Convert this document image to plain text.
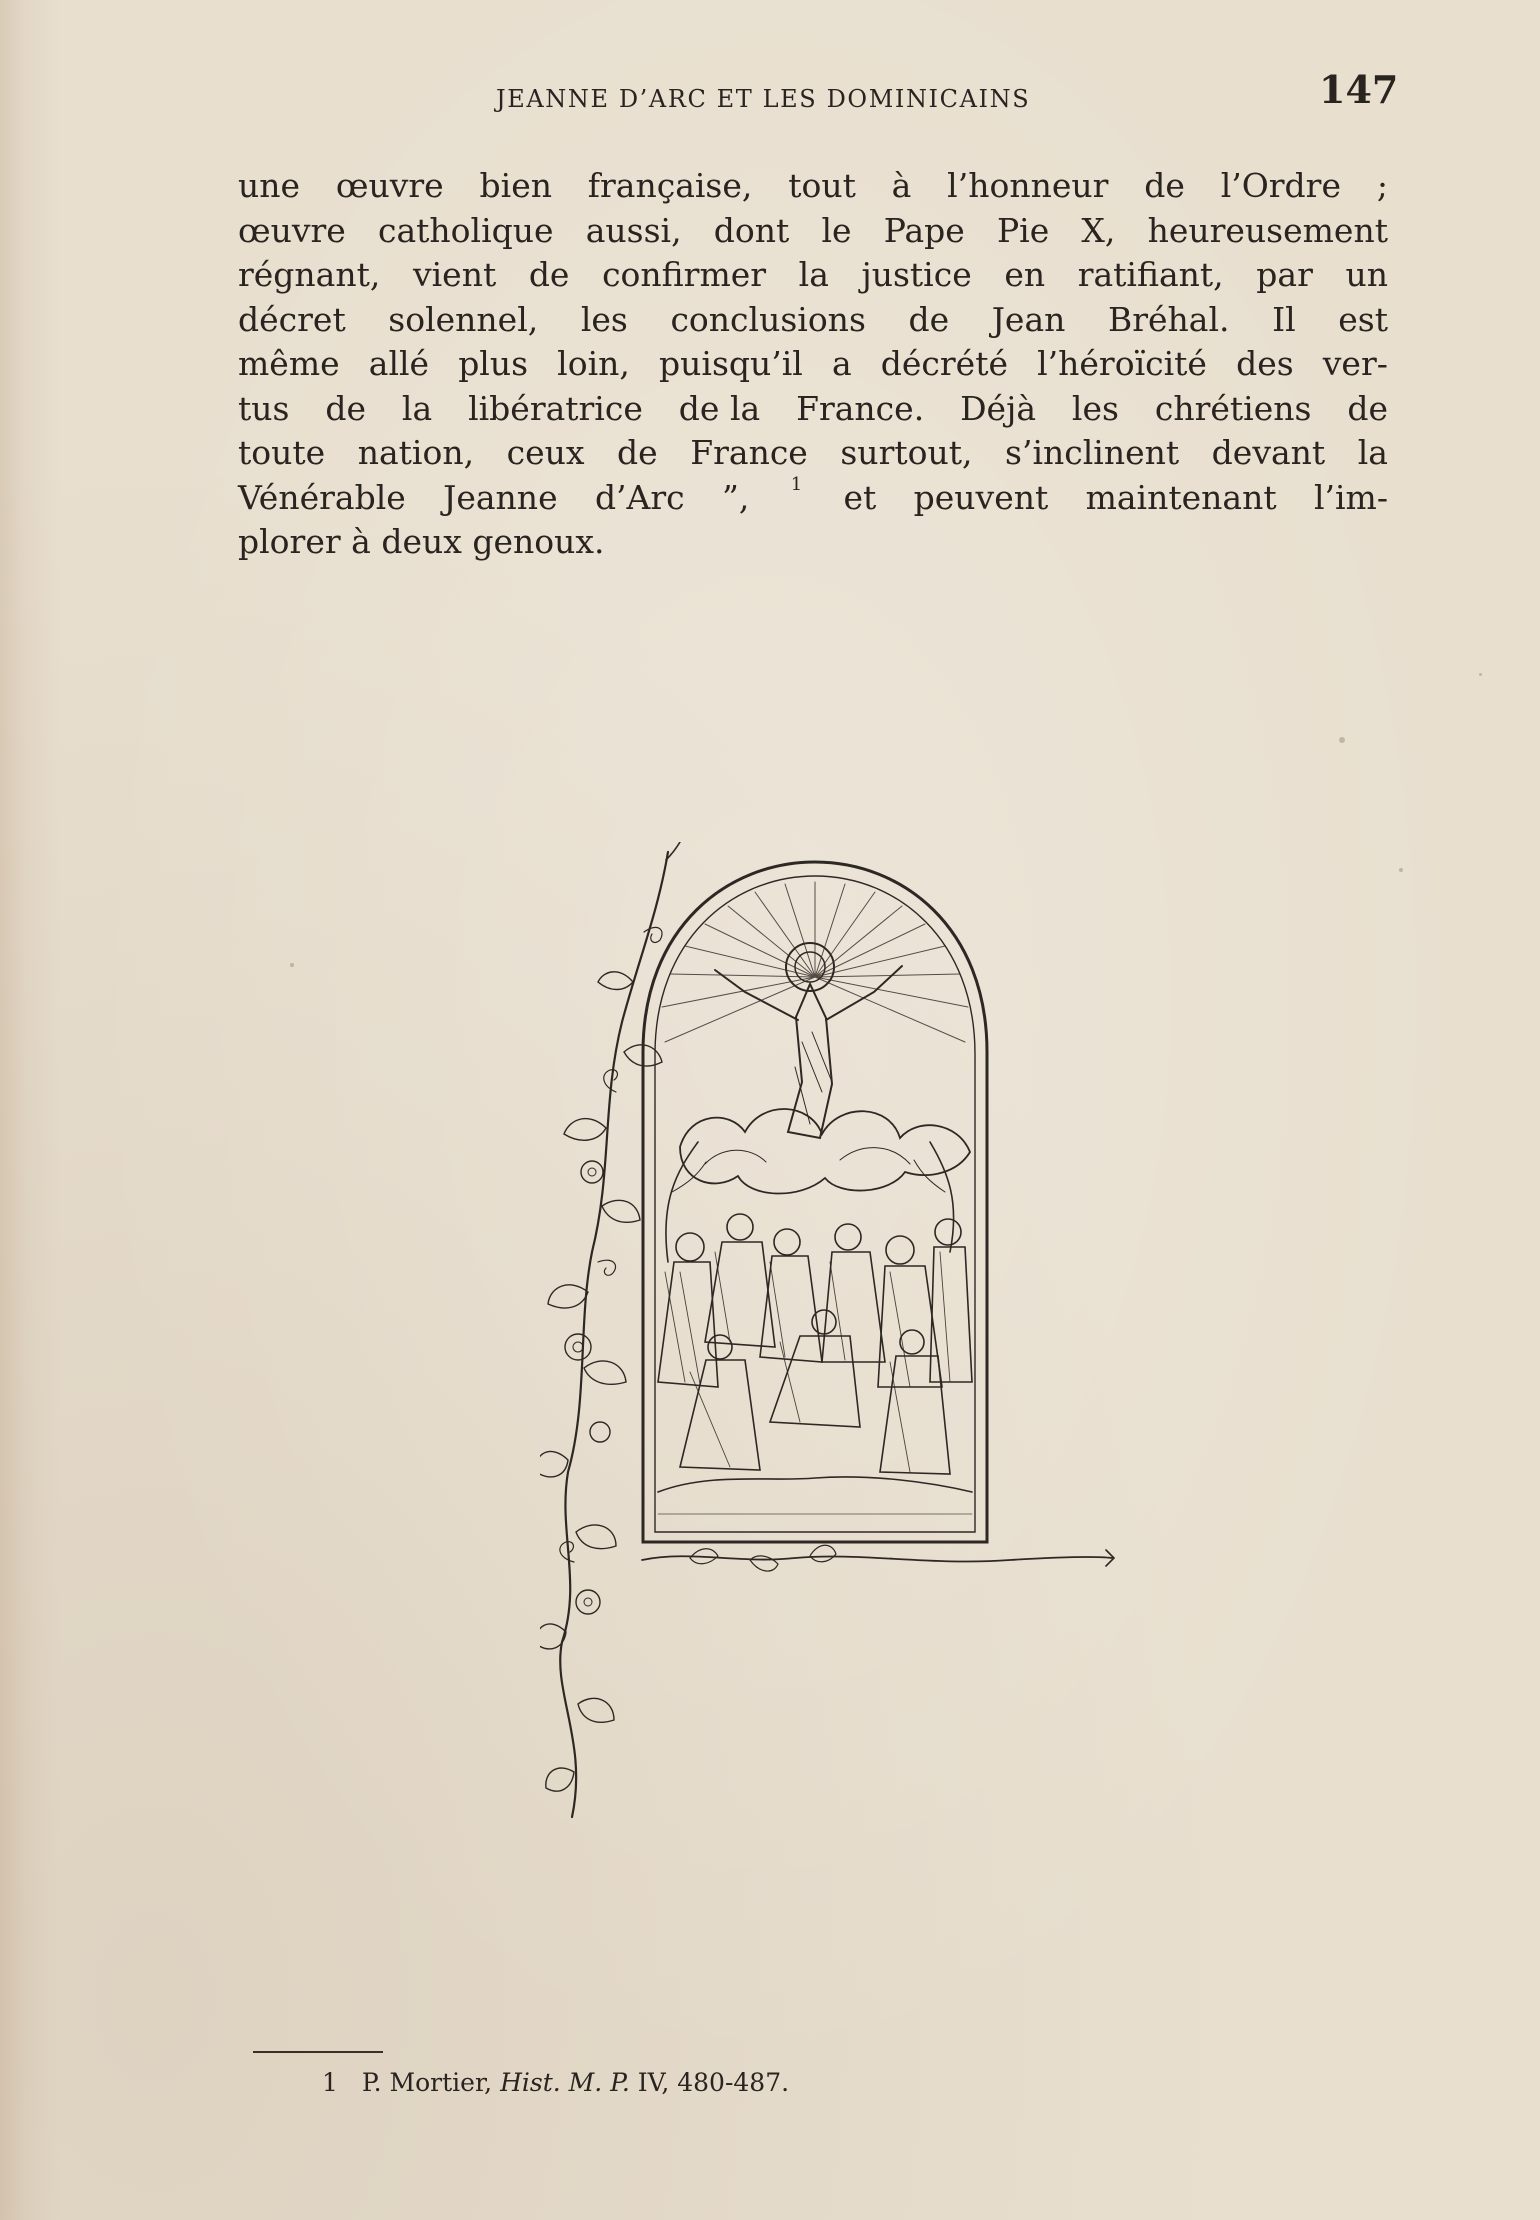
JEANNE D’ARC ET LES DOMINICAINS	147
une œuvre bien française, tout à l’honneur de l’Ordre ;
œuvre catholique aussi, dont le Pape Pie X, heureusement
régnant, vient de confirmer la justice en ratifiant, par un
décret solennel, les conclusions de Jean Bréhal. Il est
même allé plus loin, puisqu’il a décrété l’héroïcité des ver-
tus de la libératrice de la France. Déjà les chrétiens de
toute nation, ceux de France surtout, s’inclinent devant la
Vénérable Jeanne d’Arc ”, 1 et peuvent maintenant l’im-
plorer
à
deux
genoux.
1 P. Mortier, Hist. M. P. IV, 480-487.
